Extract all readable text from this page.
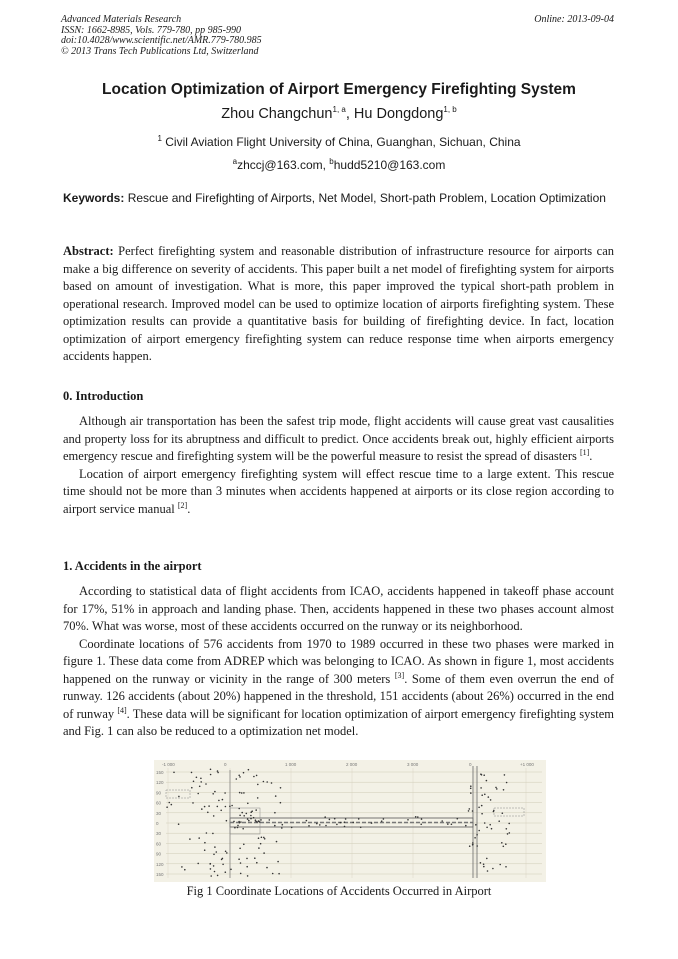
Advanced Materials Research
ISSN: 1662-8985, Vols. 779-780, pp 985-990
doi:10.4028/www.scientific.net/AMR.779-780.985
© 2013 Trans Tech Publications Ltd, Switzerland
Online: 2013-09-04
Location Optimization of Airport Emergency Firefighting System
Zhou Changchun$^{1, a}$, Hu Dongdong$^{1, b}$
$^1$ Civil Aviation Flight University of China, Guanghan, Sichuan, China
$^a$zhccj@163.com, $^b$hudd5210@163.com
Keywords: Rescue and Firefighting of Airports, Net Model, Short-path Problem, Location Optimization
Abstract: Perfect firefighting system and reasonable distribution of infrastructure resource for airports can make a big difference on severity of accidents. This paper built a net model of firefighting system for airports based on amount of investigation. What is more, this paper improved the typical short-path problem in operational research. Improved model can be used to optimize location of airports firefighting system. These optimization results can provide a quantitative basis for building of firefighting device. In fact, location optimization of airport emergency firefighting system can reduce response time when airports emergency accidents happen.
0. Introduction

Although air transportation has been the safest trip mode, flight accidents will cause great vast causalities and property loss for its abruptness and difficult to predict. Once accidents break out, highly efficient airports emergency rescue and firefighting system will be the powerful measure to resist the spread of disasters [1].

Location of airport emergency firefighting system will effect rescue time to a large extent. This rescue time should not be more than 3 minutes when accidents happened at airports or its close region according to airport service manual [2].

1. Accidents in the airport

According to statistical data of flight accidents from ICAO, accidents happened in takeoff phase account for 17%, 51% in approach and landing phase. Then, accidents happened in these two phases account almost 70%. What was worse, most of these accidents occurred on the runway or its neighborhood.

Coordinate locations of 576 accidents from 1970 to 1989 occurred in these two phases were marked in figure 1. These data come from ADREP which was belonging to ICAO. As shown in figure 1, most accidents happened on the runway or vicinity in the range of 300 meters [3]. Some of them even overrun the end of runway. 126 accidents (about 20%) happened in the threshold, 151 accidents (about 26%) occurred in the end of runway [4]. These data will be significant for location optimization of airport emergency firefighting system and Fig. 1 can also be reduced to a optimization net model.

-1 000	0	1 000	2 000	3 000	0	+1 000
150
120
90
60
30
0
30
60
90
120
150
Fig 1 Coordinate Locations of Accidents Occurred in Airport
